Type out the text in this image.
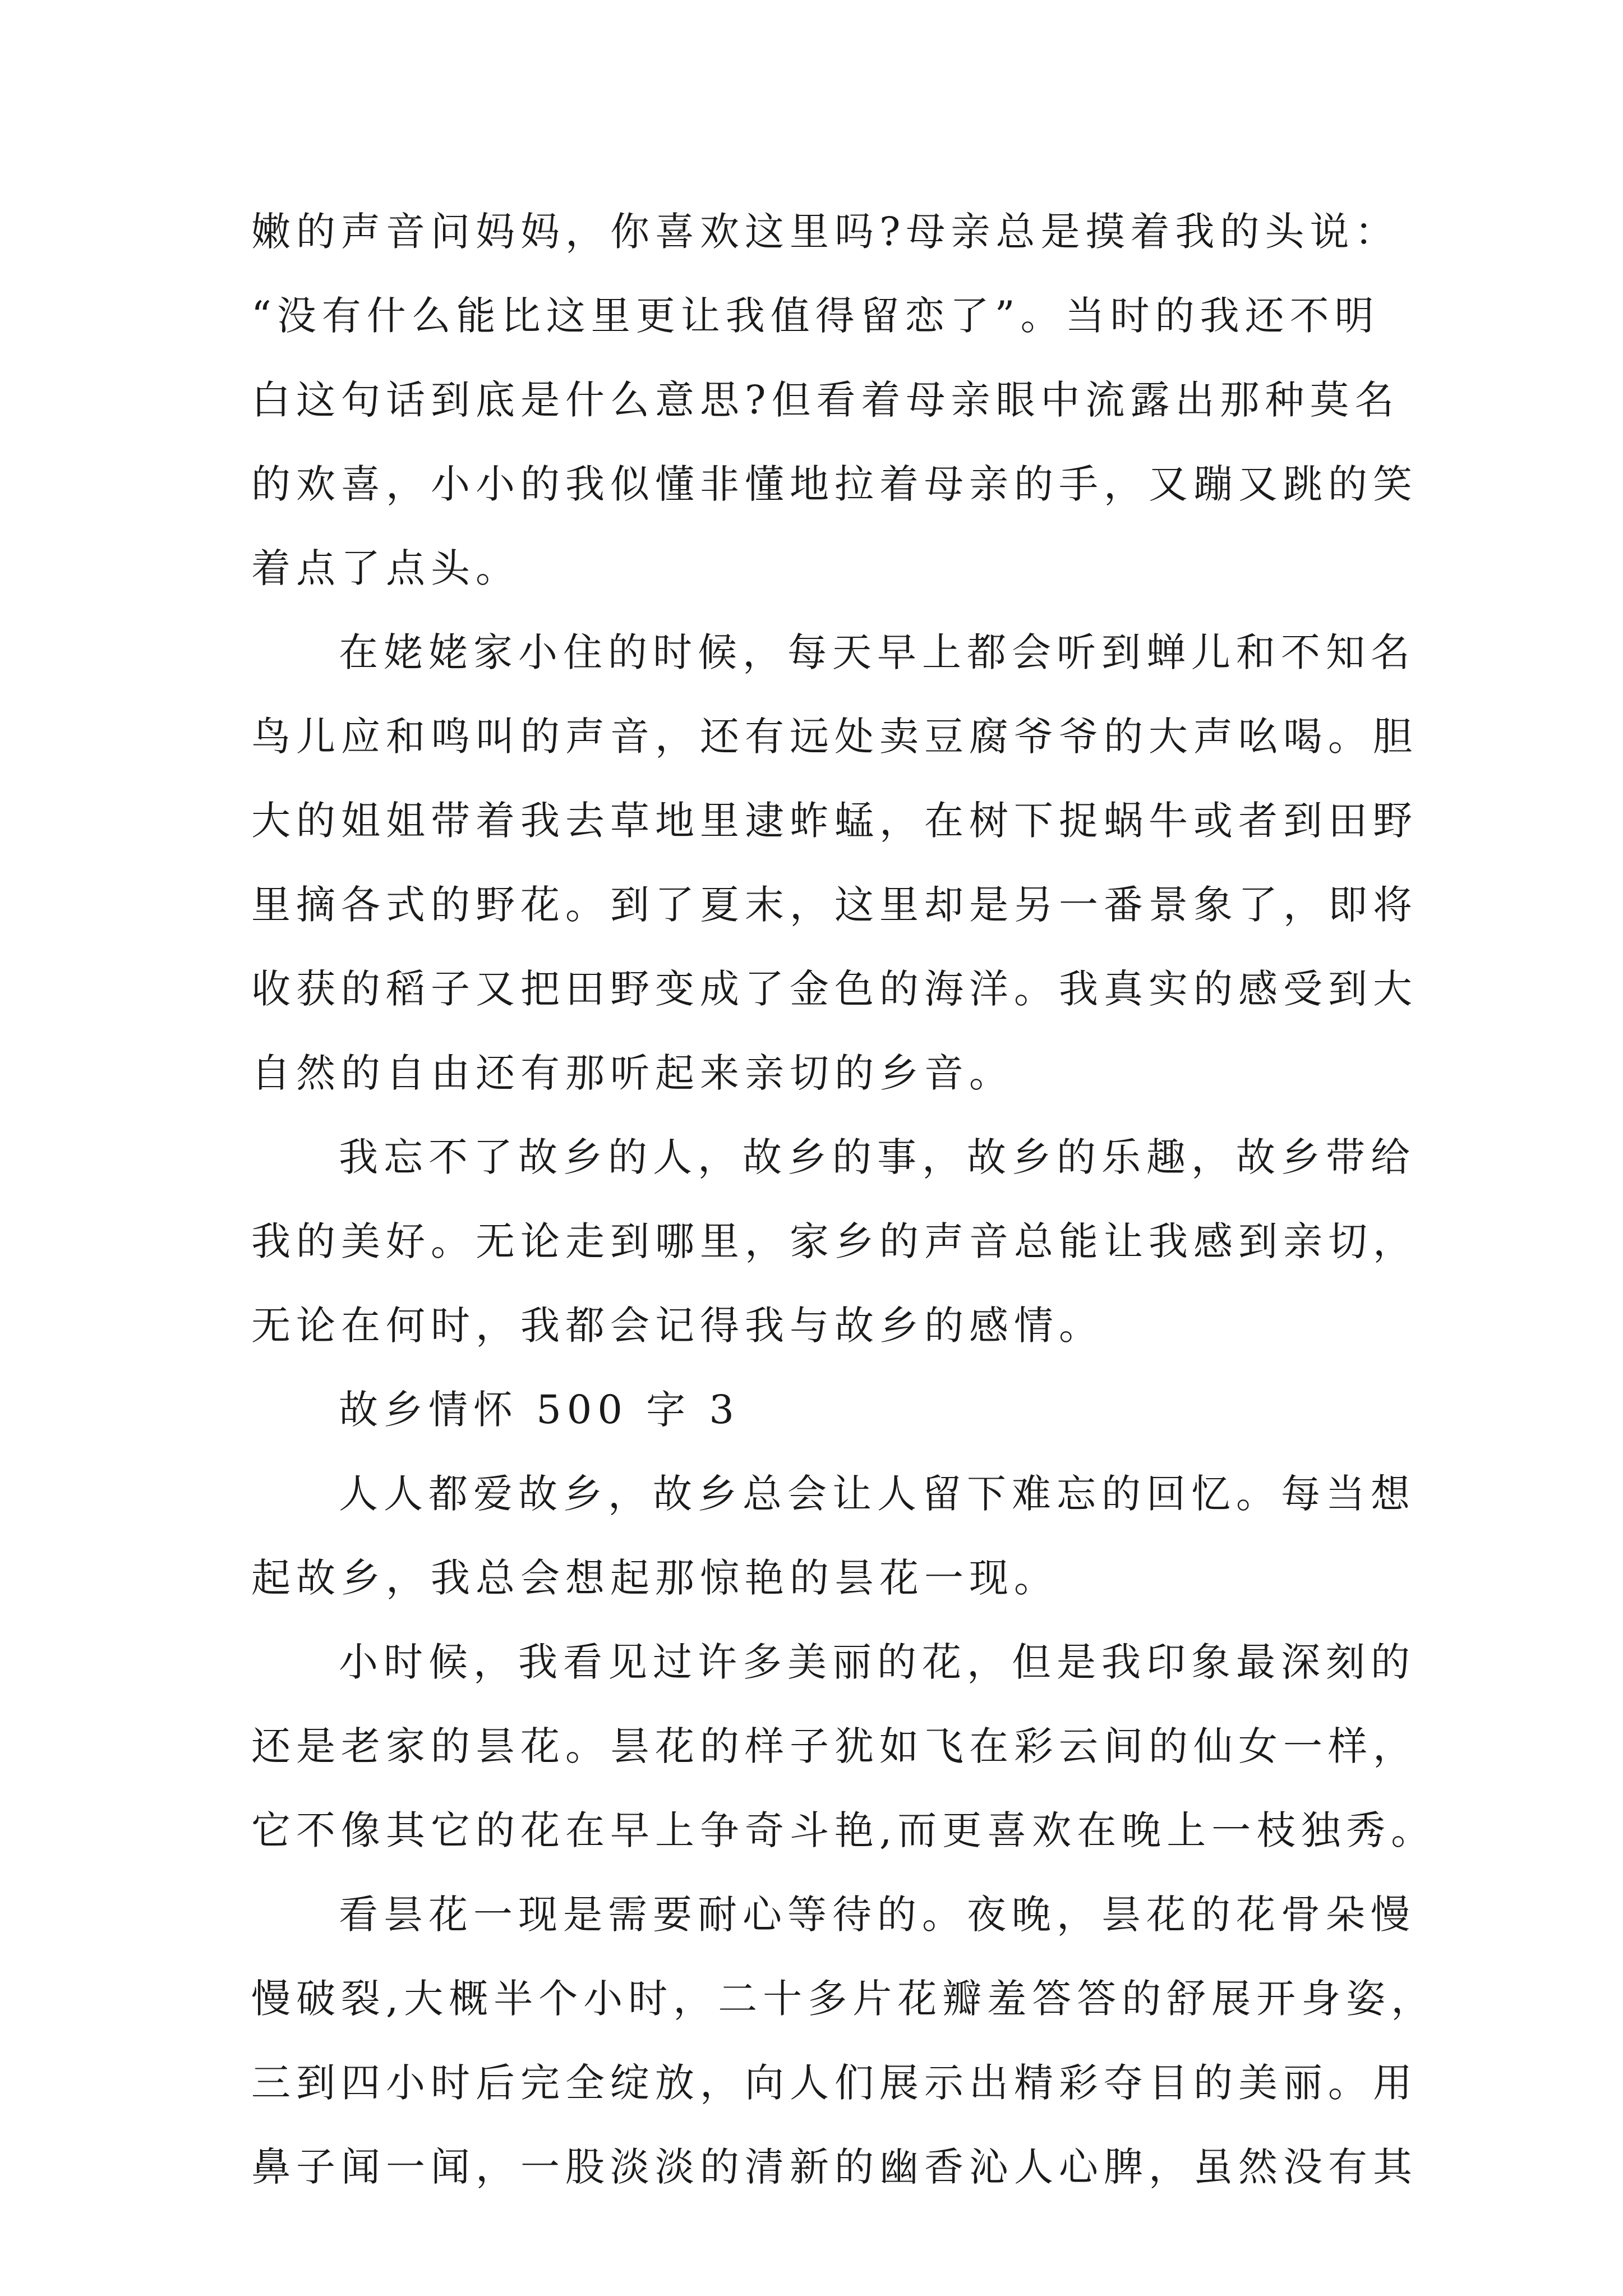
嫩的声音问妈妈，你喜欢这里吗?母亲总是摸着我的头说：
“没有什么能比这里更让我值得留恋了”。当时的我还不明
白这句话到底是什么意思?但看着母亲眼中流露出那种莫名
的欢喜，小小的我似懂非懂地拉着母亲的手，又蹦又跳的笑
着点了点头。
在姥姥家小住的时候，每天早上都会听到蝉儿和不知名
鸟儿应和鸣叫的声音，还有远处卖豆腐爷爷的大声吆喝。胆
大的姐姐带着我去草地里逮蚱蜢，在树下捉蜗牛或者到田野
里摘各式的野花。到了夏末，这里却是另一番景象了，即将
收获的稻子又把田野变成了金色的海洋。我真实的感受到大
自然的自由还有那听起来亲切的乡音。
我忘不了故乡的人，故乡的事，故乡的乐趣，故乡带给
我的美好。无论走到哪里，家乡的声音总能让我感到亲切，
无论在何时，我都会记得我与故乡的感情。
故乡情怀 500 字 3
人人都爱故乡，故乡总会让人留下难忘的回忆。每当想
起故乡，我总会想起那惊艳的昙花一现。
小时候，我看见过许多美丽的花，但是我印象最深刻的
还是老家的昙花。昙花的样子犹如飞在彩云间的仙女一样，
它不像其它的花在早上争奇斗艳,而更喜欢在晚上一枝独秀。
看昙花一现是需要耐心等待的。夜晚，昙花的花骨朵慢
慢破裂,大概半个小时，二十多片花瓣羞答答的舒展开身姿，
三到四小时后完全绽放，向人们展示出精彩夺目的美丽。用
鼻子闻一闻，一股淡淡的清新的幽香沁人心脾，虽然没有其
